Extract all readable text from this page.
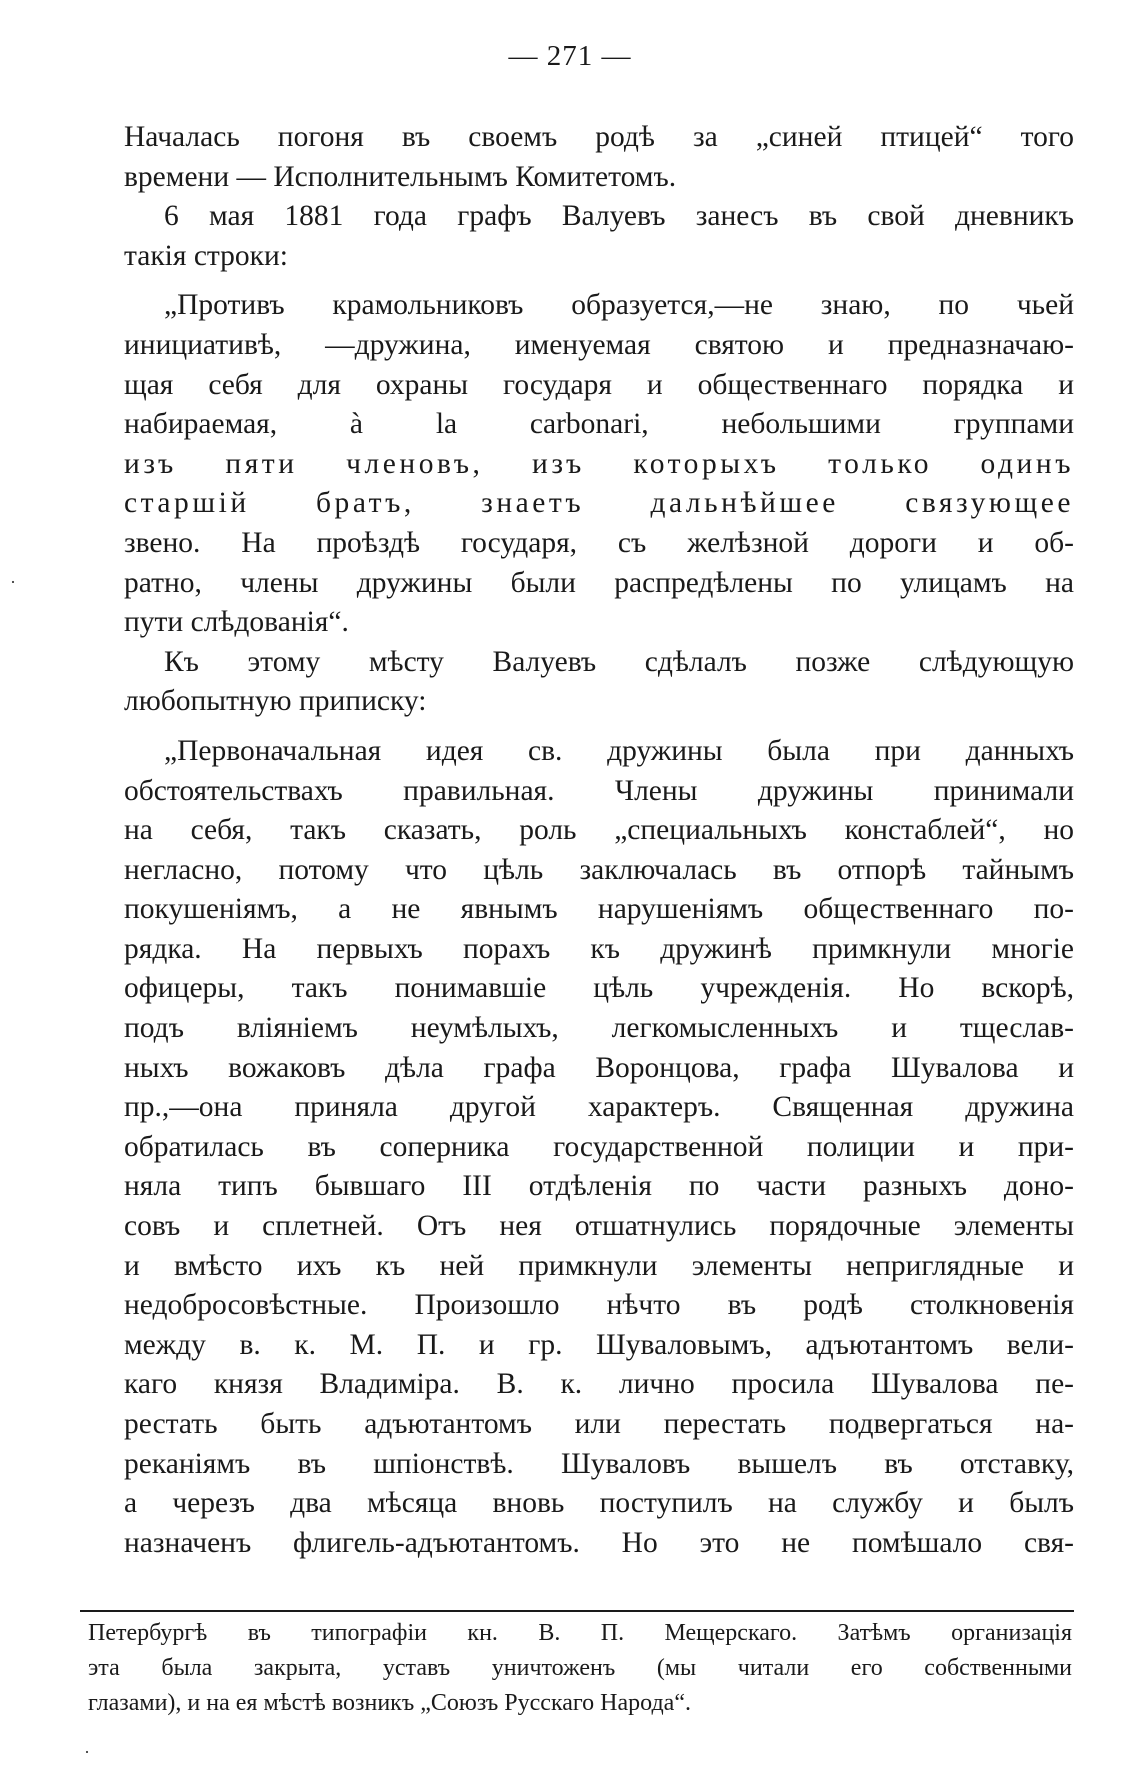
— 271 —
Началась погоня въ своемъ родѣ за „синей птицей“ того
времени — Исполнительнымъ Комитетомъ.
6 мая 1881 года графъ Валуевъ занесъ въ свой дневникъ
такія строки:
„Противъ крамольниковъ образуется,—не знаю, по чьей
инициативѣ, —дружина, именуемая святою и предназначаю-
щая себя для охраны государя и общественнаго порядка и
набираемая, à la carbonari, небольшими группами
изъ пяти членовъ, изъ которыхъ только одинъ
старшій братъ, знаетъ дальнѣйшее связующее
звено. На проѣздѣ государя, съ желѣзной дороги и об-
ратно, члены дружины были распредѣлены по улицамъ на
пути слѣдованія“.
Къ этому мѣсту Валуевъ сдѣлалъ позже слѣдующую
любопытную приписку:
„Первоначальная идея св. дружины была при данныхъ
обстоятельствахъ правильная. Члены дружины принимали
на себя, такъ сказать, роль „специальныхъ констаблей“, но
негласно, потому что цѣль заключалась въ отпорѣ тайнымъ
покушеніямъ, а не явнымъ нарушеніямъ общественнаго по-
рядка. На первыхъ порахъ къ дружинѣ примкнули многіе
офицеры, такъ понимавшіе цѣль учрежденія. Но вскорѣ,
подъ вліяніемъ неумѣлыхъ, легкомысленныхъ и тщеслав-
ныхъ вожаковъ дѣла графа Воронцова, графа Шувалова и
пр.,—она приняла другой характеръ. Священная дружина
обратилась въ соперника государственной полиции и при-
няла типъ бывшаго III отдѣленія по части разныхъ доно-
совъ и сплетней. Отъ нея отшатнулись порядочные элементы
и вмѣсто ихъ къ ней примкнули элементы неприглядные и
недобросовѣстные. Произошло нѣчто въ родѣ столкновенія
между в. к. М. П. и гр. Шуваловымъ, адъютантомъ вели-
каго князя Владиміра. В. к. лично просила Шувалова пе-
рестать быть адъютантомъ или перестать подвергаться на-
реканіямъ въ шпіонствѣ. Шуваловъ вышелъ въ отставку,
а черезъ два мѣсяца вновь поступилъ на службу и былъ
назначенъ флигель-адъютантомъ. Но это не помѣшало свя-
Петербургѣ въ типографіи кн. В. П. Мещерскаго. Затѣмъ организація
эта была закрыта, уставъ уничтоженъ (мы читали его собственными
глазами), и на ея мѣстѣ возникъ „Союзъ Русскаго Народа“.
·
·
